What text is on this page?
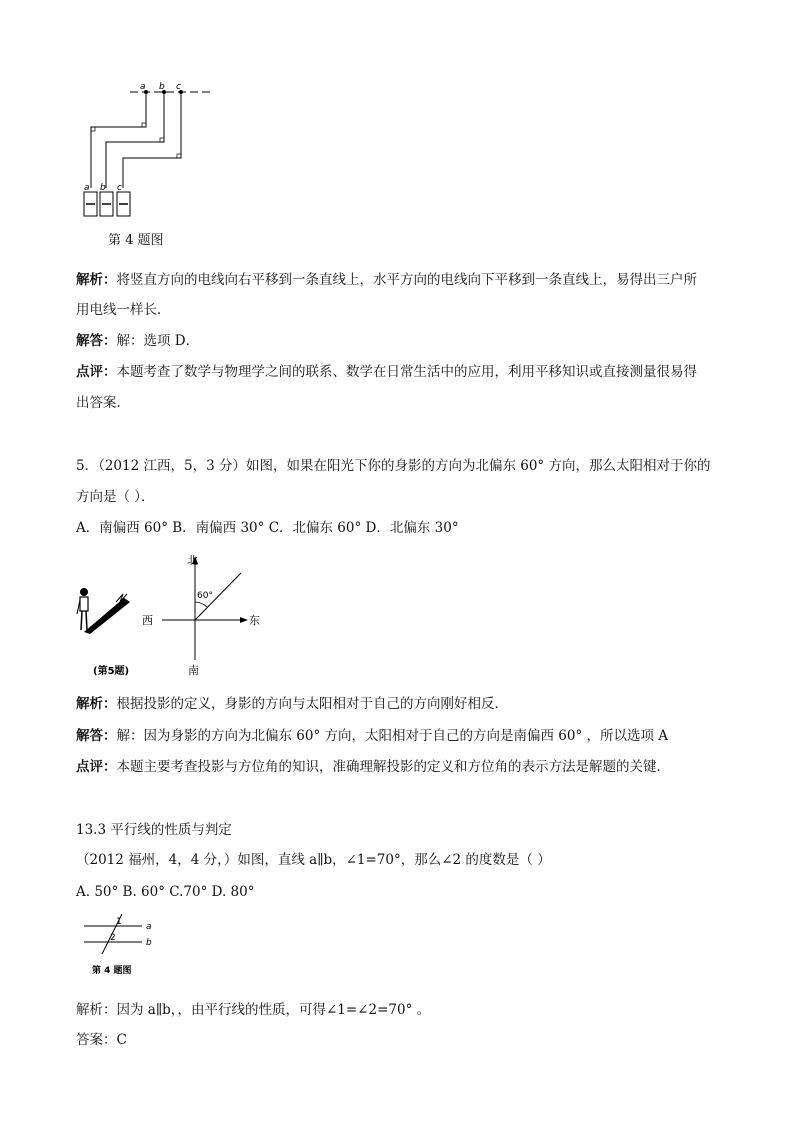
a b c
a b c
第 4 题图
解析：将竖直方向的电线向右平移到一条直线上，水平方向的电线向下平移到一条直线上，易得出三户所
用电线一样长．
解答：解：选项 D．
点评：本题考查了数学与物理学之间的联系、数学在日常生活中的应用，利用平移知识或直接测量很易得
出答案．
5．（2012 江西，5，3 分）如图，如果在阳光下你的身影的方向为北偏东 60° 方向，那么太阳相对于你的
方向是（ ）．
A．南偏西 60° B．南偏西 30° C．北偏东 60° D．北偏东 30°
北
60°
西	东
南
(第5题)
解析：根据投影的定义，身影的方向与太阳相对于自己的方向刚好相反．
解答：解：因为身影的方向为北偏东 60° 方向，太阳相对于自己的方向是南偏西 60° ，所以选项 A
点评：本题主要考查投影与方位角的知识，准确理解投影的定义和方位角的表示方法是解题的关键．
13.3 平行线的性质与判定
（2012 福州，4，4 分，）如图，直线 a∥b，∠1=70°，那么∠2 的度数是（ ）
A. 50° B. 60° C.70° D. 80°
1
2
a
b
第 4 题图
解析：因为 a∥b，，由平行线的性质，可得∠1=∠2=70° 。
答案：C
